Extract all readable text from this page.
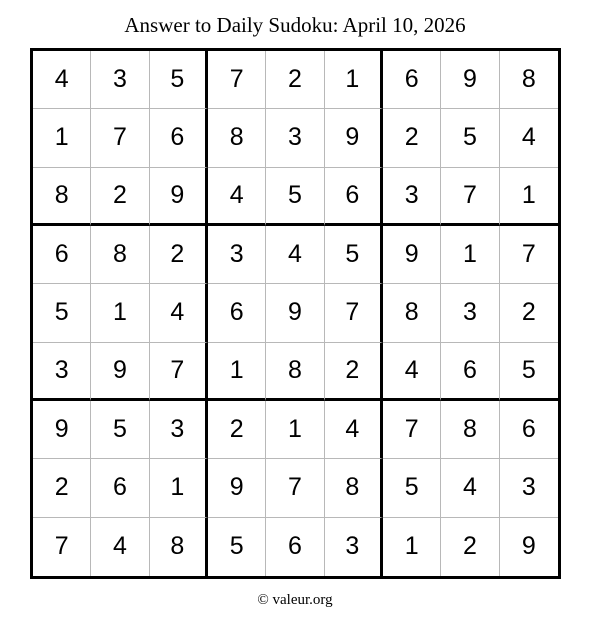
Answer to Daily Sudoku: April 10, 2026
4	3	5	7	2	1	6	9	8
1	7	6	8	3	9	2	5	4
8	2	9	4	5	6	3	7	1
6	8	2	3	4	5	9	1	7
5	1	4	6	9	7	8	3	2
3	9	7	1	8	2	4	6	5
9	5	3	2	1	4	7	8	6
2	6	1	9	7	8	5	4	3
7	4	8	5	6	3	1	2	9
© valeur.org
